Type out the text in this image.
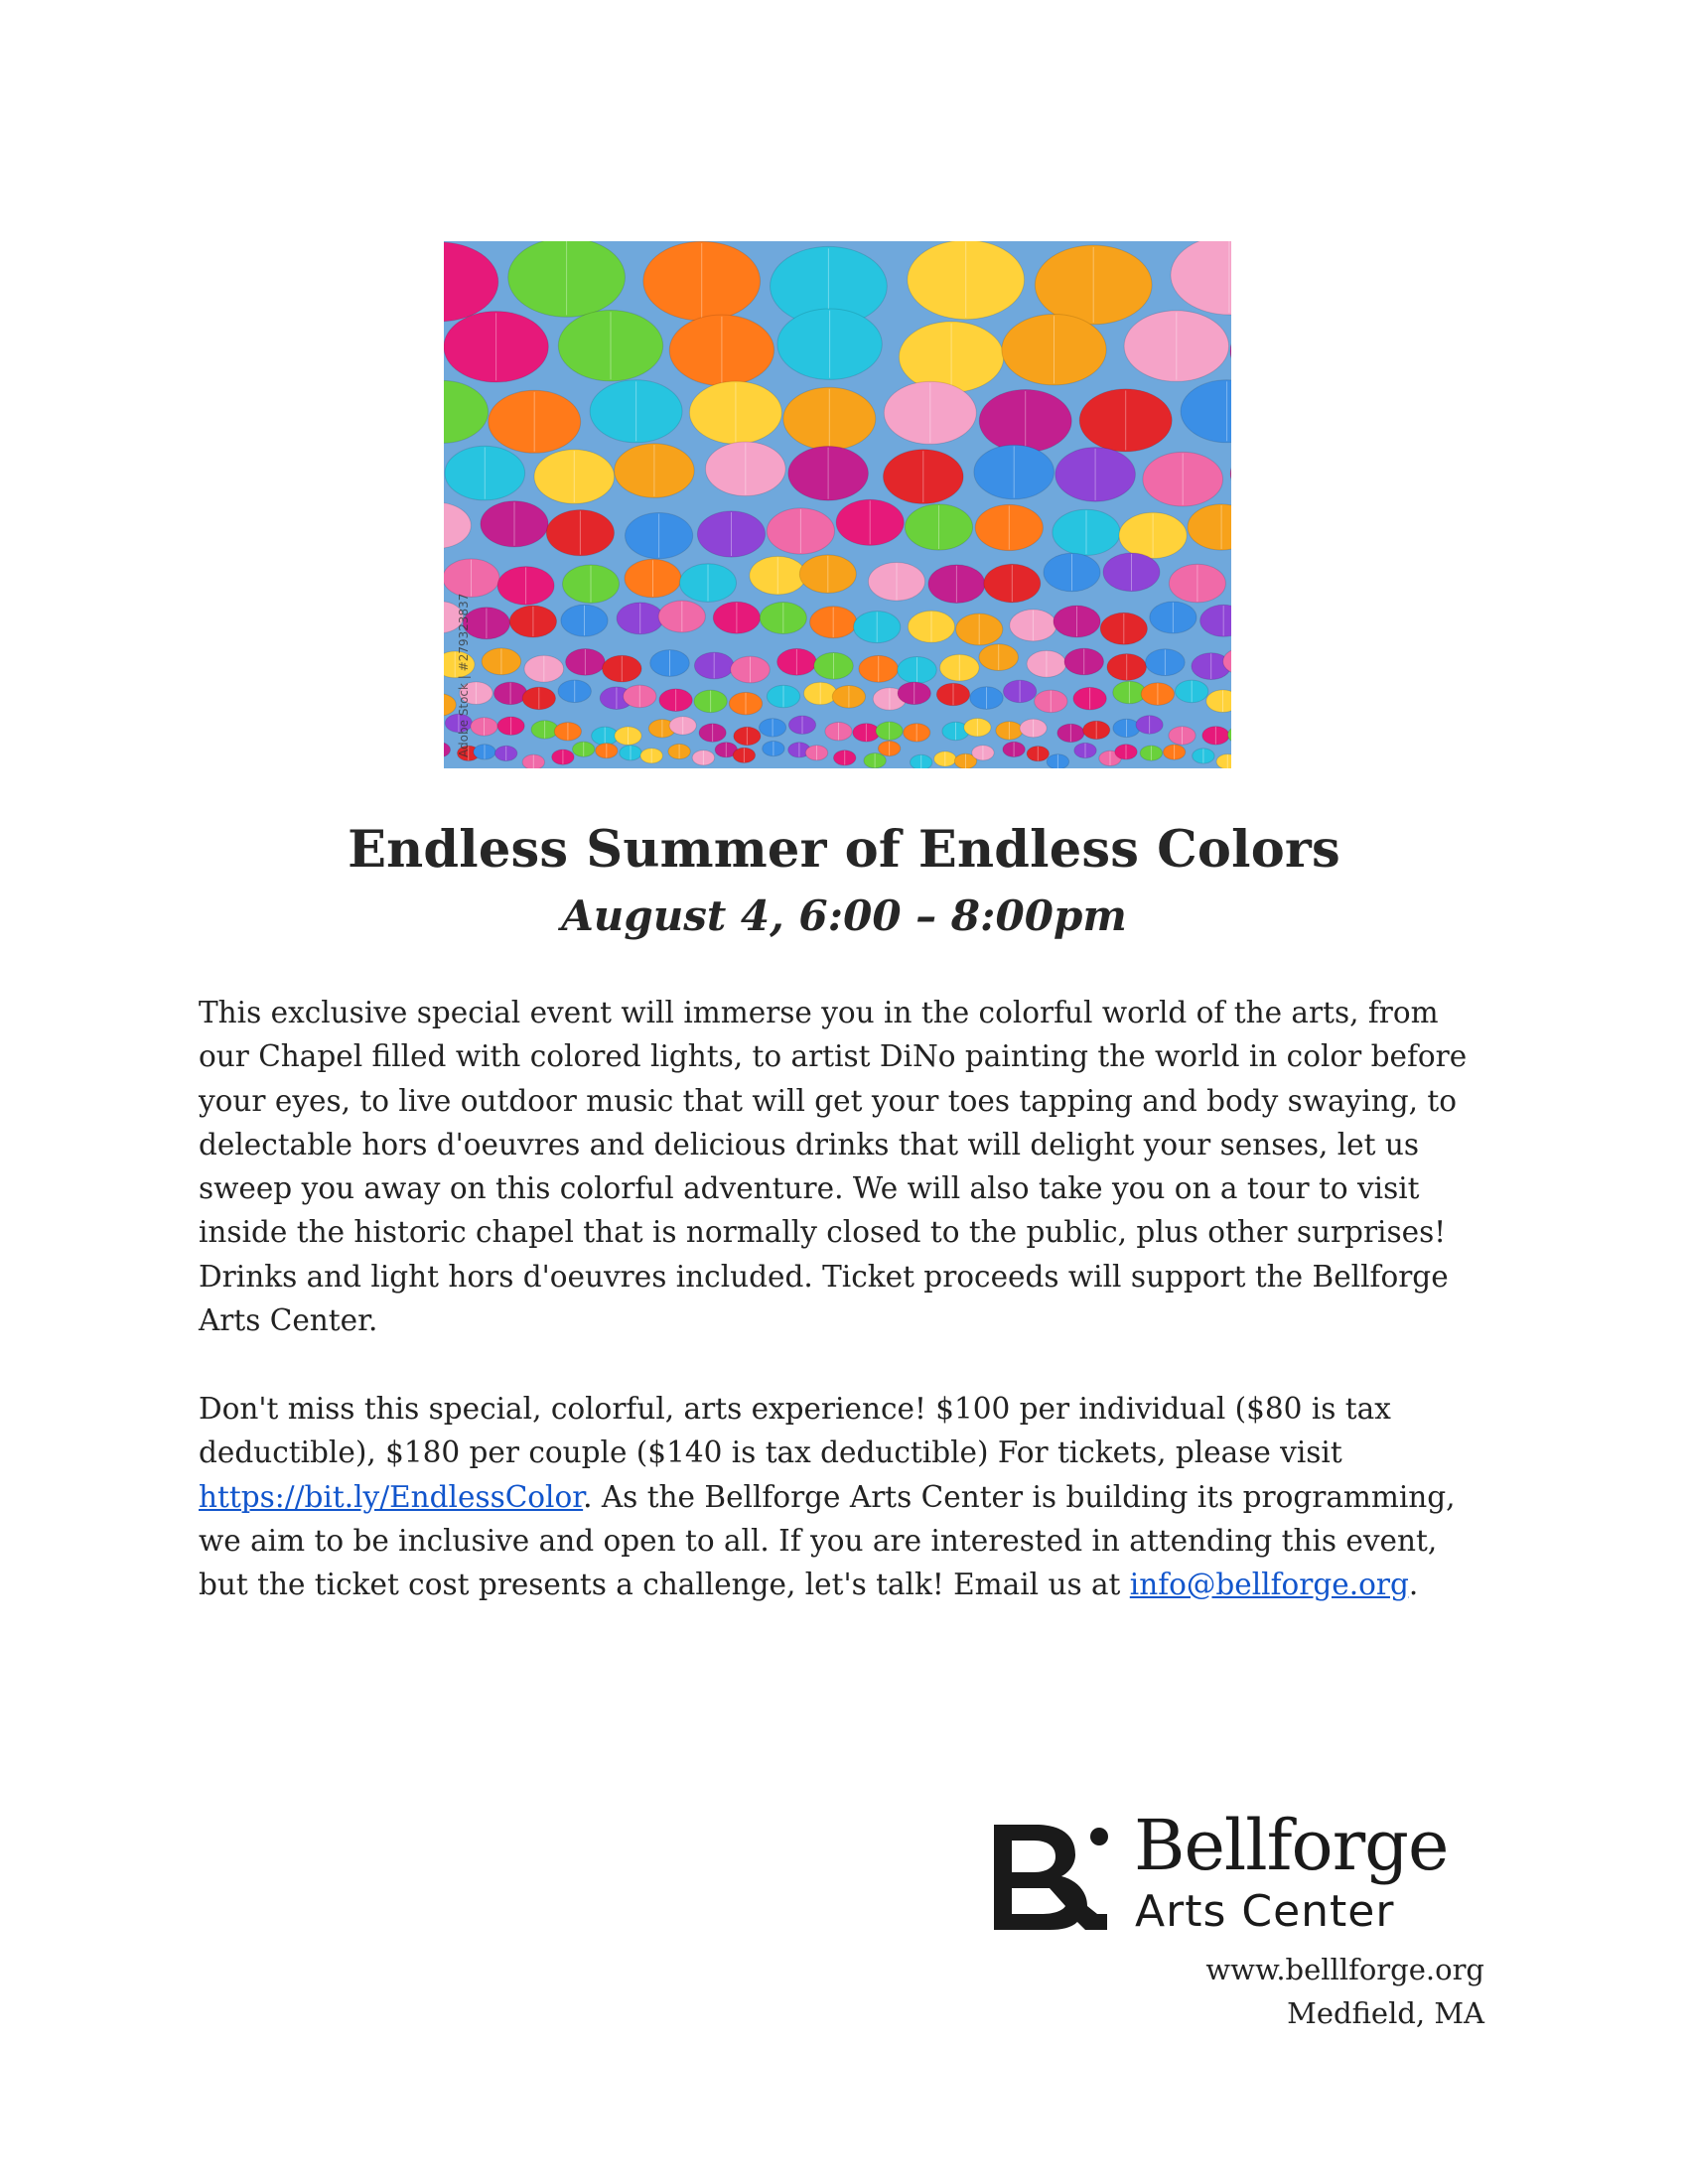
Adobe Stock | #279323837
Endless Summer of Endless Colors
August 4, 6:00 – 8:00pm

This exclusive special event will immerse you in the colorful world of the arts, from our Chapel filled with colored lights, to artist DiNo painting the world in color before your eyes, to live outdoor music that will get your toes tapping and body swaying, to delectable hors d'oeuvres and delicious drinks that will delight your senses, let us sweep you away on this colorful adventure. We will also take you on a tour to visit inside the historic chapel that is normally closed to the public, plus other surprises! Drinks and light hors d'oeuvres included. Ticket proceeds will support the Bellforge Arts Center.

Don't miss this special, colorful, arts experience! $100 per individual ($80 is tax deductible), $180 per couple ($140 is tax deductible) For tickets, please visit https://bit.ly/EndlessColor. As the Bellforge Arts Center is building its programming, we aim to be inclusive and open to all. If you are interested in attending this event, but the ticket cost presents a challenge, let's talk! Email us at info@bellforge.org.

Bellforge
Arts Center
www.belllforge.org
Medfield, MA
